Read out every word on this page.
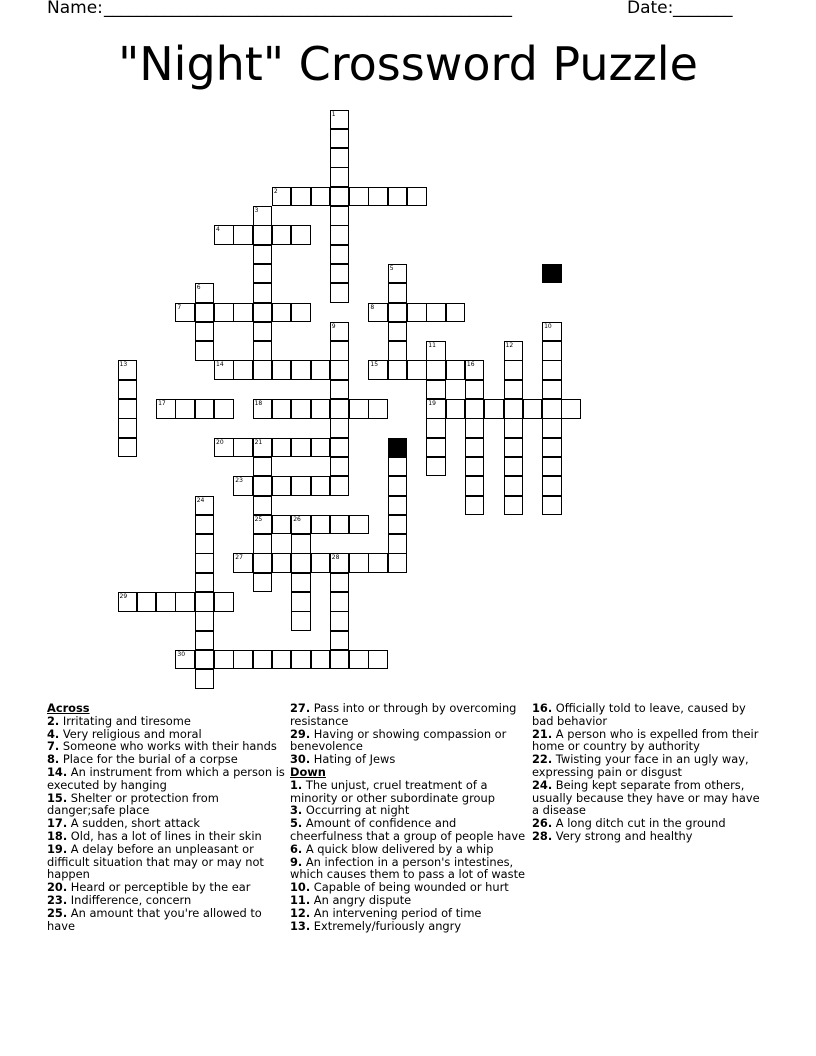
Name: ________________________________________________	Date: _______
"Night" Crossword Puzzle
1
2
3
4
5
6
7	8
9	10
11
19
12
13	14	15	16
17	18
20	21
25
23
24
26
27	28
29
30
Across
2. Irritating and tiresome
4. Very religious and moral
7. Someone who works with their hands
8. Place for the burial of a corpse
14. An instrument from which a person is executed by hanging
15. Shelter or protection from danger;safe place
17. A sudden, short attack
18. Old, has a lot of lines in their skin
19. A delay before an unpleasant or difficult situation that may or may not happen
20. Heard or perceptible by the ear
23. Indifference, concern
25. An amount that you're allowed to have
27. Pass into or through by overcoming resistance
29. Having or showing compassion or benevolence
30. Hating of Jews
Down
1. The unjust, cruel treatment of a minority or other subordinate group
3. Occurring at night
5. Amount of confidence and cheerfulness that a group of people have
6. A quick blow delivered by a whip
9. An infection in a person's intestines, which causes them to pass a lot of waste
10. Capable of being wounded or hurt
11. An angry dispute
12. An intervening period of time
13. Extremely/furiously angry
16. Officially told to leave, caused by bad behavior
21. A person who is expelled from their home or country by authority
22. Twisting your face in an ugly way, expressing pain or disgust
24. Being kept separate from others, usually because they have or may have a disease
26. A long ditch cut in the ground
28. Very strong and healthy
